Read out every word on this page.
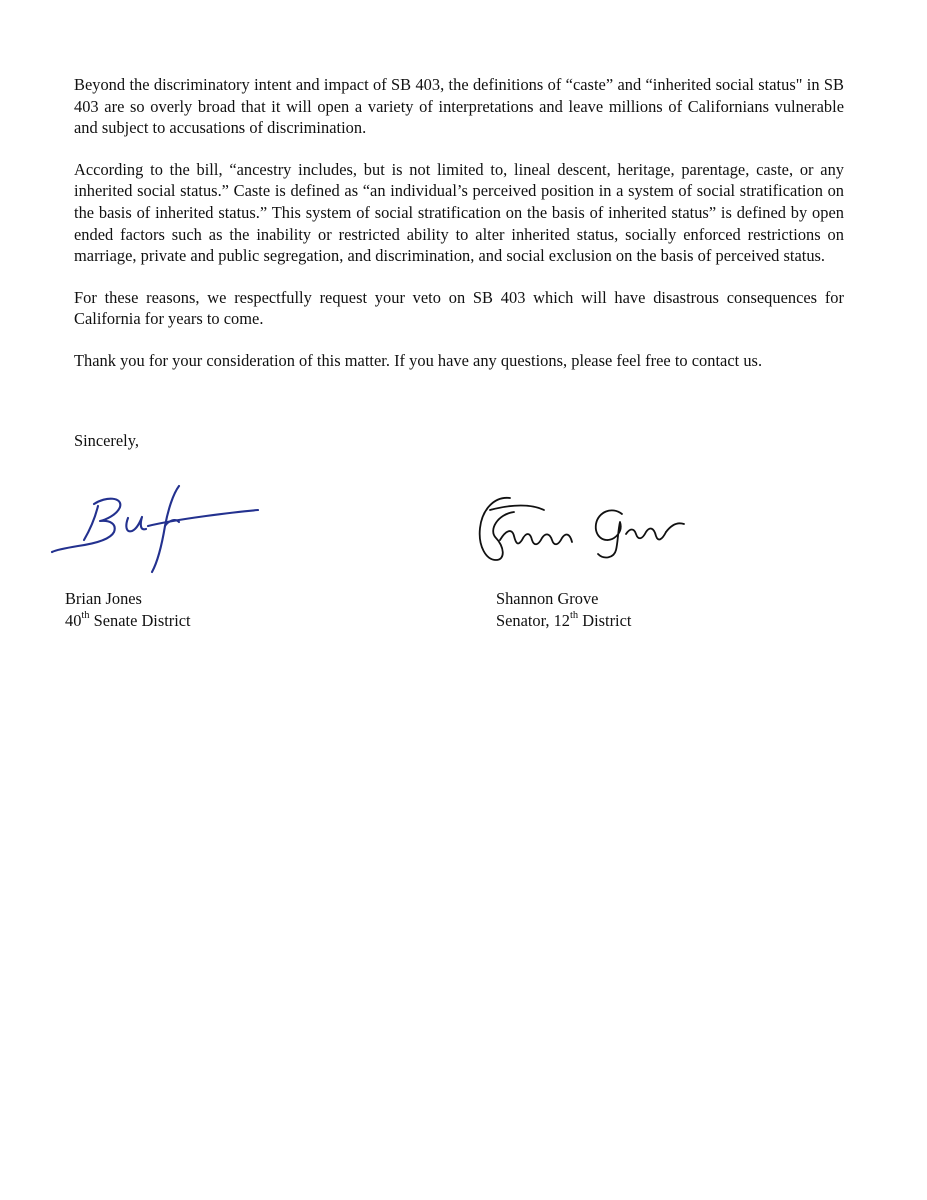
Beyond the discriminatory intent and impact of SB 403, the definitions of “caste” and “inherited social status" in SB 403 are so overly broad that it will open a variety of interpretations and leave millions of Californians vulnerable and subject to accusations of discrimination.

According to the bill, “ancestry includes, but is not limited to, lineal descent, heritage, parentage, caste, or any inherited social status.” Caste is defined as “an individual’s perceived position in a system of social stratification on the basis of inherited status.” This system of social stratification on the basis of inherited status” is defined by open ended factors such as the inability or restricted ability to alter inherited status, socially enforced restrictions on marriage, private and public segregation, and discrimination, and social exclusion on the basis of perceived status.

For these reasons, we respectfully request your veto on SB 403 which will have disastrous consequences for California for years to come.

Thank you for your consideration of this matter. If you have any questions, please feel free to contact us.

Sincerely,
Brian Jones
40th Senate District
Shannon Grove
Senator, 12th District
